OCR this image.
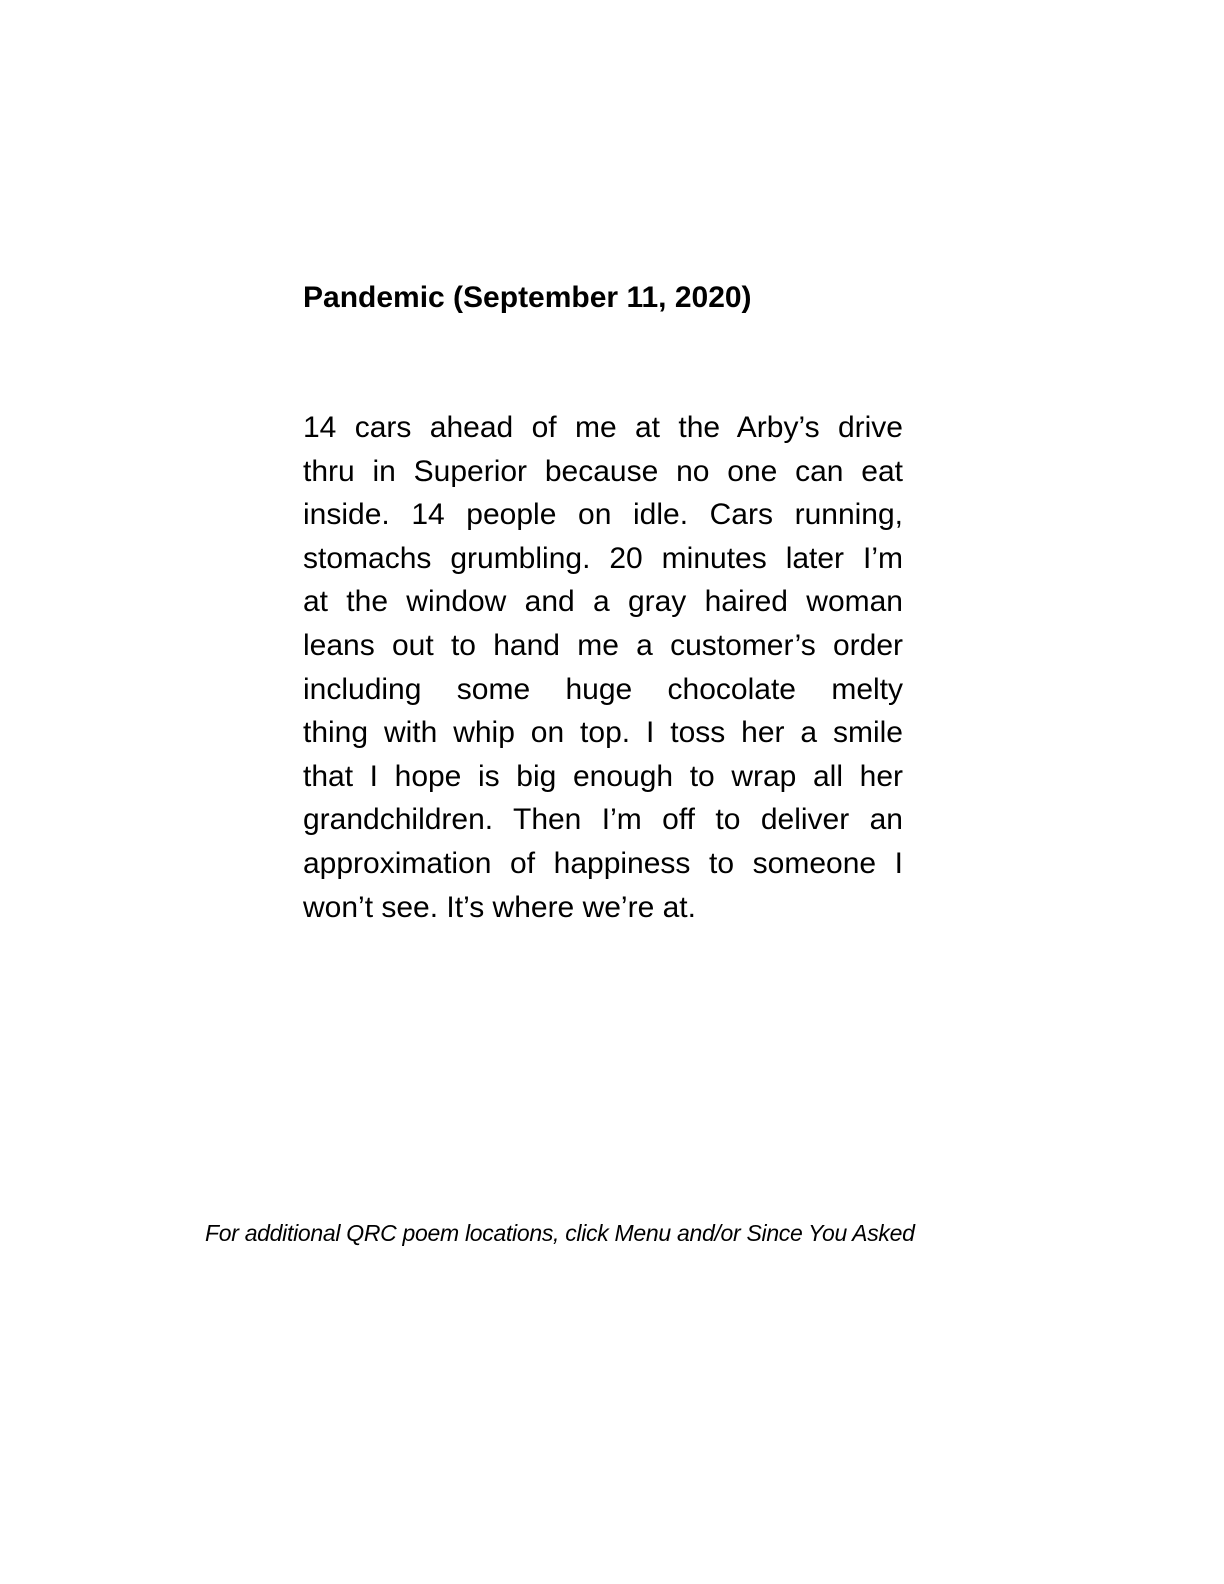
Pandemic (September 11, 2020)
14 cars ahead of me at the Arby’s drive
thru in Superior because no one can eat
inside. 14 people on idle. Cars running,
stomachs grumbling. 20 minutes later I’m
at the window and a gray haired woman
leans out to hand me a customer’s order
including some huge chocolate melty
thing with whip on top. I toss her a smile
that I hope is big enough to wrap all her
grandchildren. Then I’m off to deliver an
approximation of happiness to someone I
won’t see. It’s where we’re at.

For additional QRC poem locations, click Menu and/or Since You Asked
